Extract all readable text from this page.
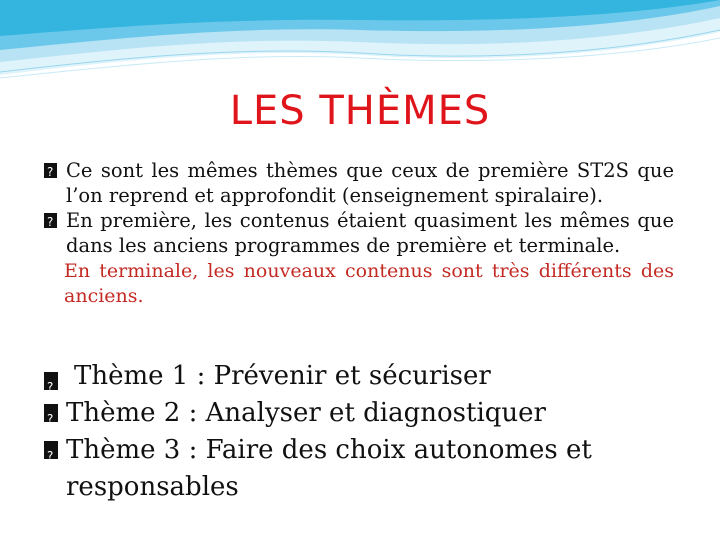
LES THÈMES
?
Ce sont les mêmes thèmes que ceux de première ST2S que l’on reprend et approfondit (enseignement spiralaire).
?
En première, les contenus étaient quasiment les mêmes que dans les anciens programmes de première et terminale.
En terminale, les nouveaux contenus sont très différents des anciens.
?
Thème 1 : Prévenir et sécuriser
?
Thème 2 : Analyser et diagnostiquer
?
Thème 3 : Faire des choix autonomes et responsables
